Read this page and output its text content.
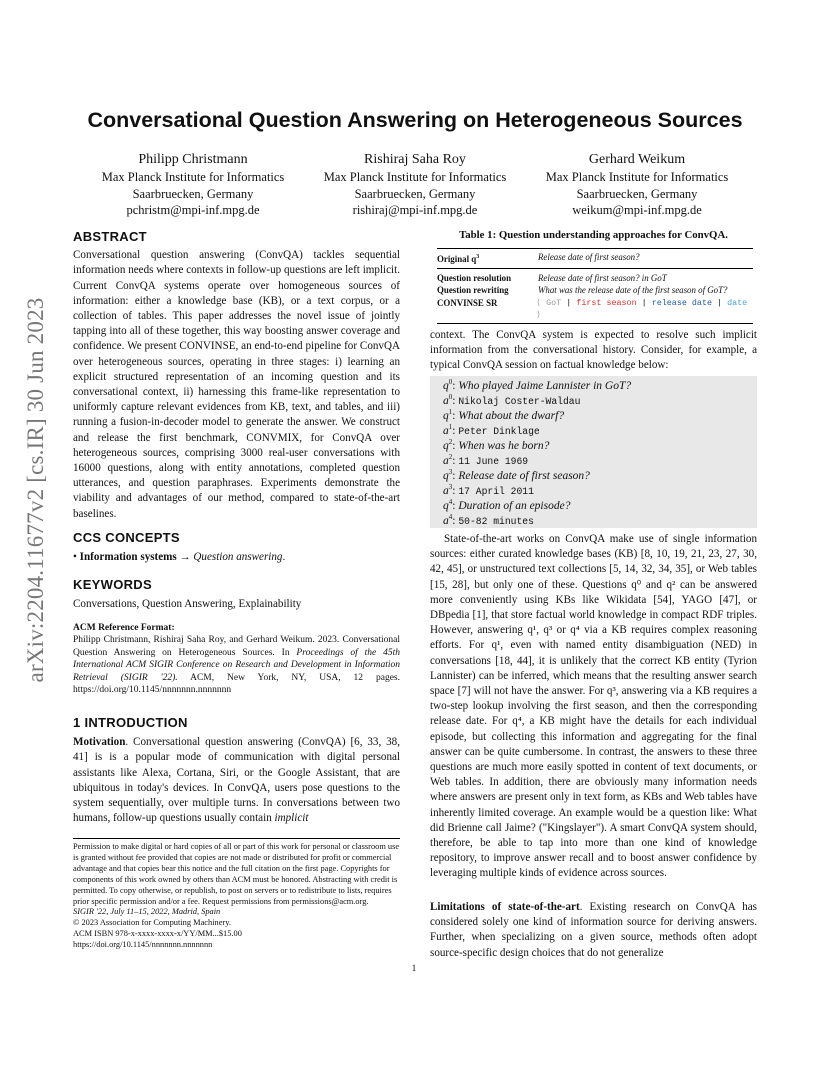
arXiv:2204.11677v2 [cs.IR] 30 Jun 2023
Conversational Question Answering on Heterogeneous Sources
Philipp Christmann
Max Planck Institute for Informatics
Saarbruecken, Germany
pchristm@mpi-inf.mpg.de
Rishiraj Saha Roy
Max Planck Institute for Informatics
Saarbruecken, Germany
rishiraj@mpi-inf.mpg.de
Gerhard Weikum
Max Planck Institute for Informatics
Saarbruecken, Germany
weikum@mpi-inf.mpg.de
ABSTRACT

Conversational question answering (ConvQA) tackles sequential information needs where contexts in follow-up questions are left implicit. Current ConvQA systems operate over homogeneous sources of information: either a knowledge base (KB), or a text corpus, or a collection of tables. This paper addresses the novel issue of jointly tapping into all of these together, this way boosting answer coverage and confidence. We present CONVINSE, an end-to-end pipeline for ConvQA over heterogeneous sources, operating in three stages: i) learning an explicit structured representation of an incoming question and its conversational context, ii) harnessing this frame-like representation to uniformly capture relevant evidences from KB, text, and tables, and iii) running a fusion-in-decoder model to generate the answer. We construct and release the first benchmark, CONVMIX, for ConvQA over heterogeneous sources, comprising 3000 real-user conversations with 16000 questions, along with entity annotations, completed question utterances, and question paraphrases. Experiments demonstrate the viability and advantages of our method, compared to state-of-the-art baselines.

CCS CONCEPTS

• Information systems → Question answering.

KEYWORDS

Conversations, Question Answering, Explainability

ACM Reference Format:

Philipp Christmann, Rishiraj Saha Roy, and Gerhard Weikum. 2023. Conversational Question Answering on Heterogeneous Sources. In Proceedings of the 45th International ACM SIGIR Conference on Research and Development in Information Retrieval (SIGIR '22). ACM, New York, NY, USA, 12 pages. https://doi.org/10.1145/nnnnnnn.nnnnnnn

1 INTRODUCTION

Motivation. Conversational question answering (ConvQA) [6, 33, 38, 41] is is a popular mode of communication with digital personal assistants like Alexa, Cortana, Siri, or the Google Assistant, that are ubiquitous in today's devices. In ConvQA, users pose questions to the system sequentially, over multiple turns. In conversations between two humans, follow-up questions usually contain implicit

Permission to make digital or hard copies of all or part of this work for personal or classroom use is granted without fee provided that copies are not made or distributed for profit or commercial advantage and that copies bear this notice and the full citation on the first page. Copyrights for components of this work owned by others than ACM must be honored. Abstracting with credit is permitted. To copy otherwise, or republish, to post on servers or to redistribute to lists, requires prior specific permission and/or a fee. Request permissions from permissions@acm.org.

SIGIR '22, July 11–15, 2022, Madrid, Spain
© 2023 Association for Computing Machinery.
ACM ISBN 978-x-xxxx-xxxx-x/YY/MM...$15.00
https://doi.org/10.1145/nnnnnnn.nnnnnnn
Table 1: Question understanding approaches for ConvQA.
Original $q^3$	Release date of first season?
Question resolution	Release date of first season? in GoT
Question rewriting	What was the release date of the first season of GoT?
CONVINSE SR	⟨ GoT | first season | release date | date ⟩
context. The ConvQA system is expected to resolve such implicit information from the conversational history. Consider, for example, a typical ConvQA session on factual knowledge below:
$q^0$: Who played Jaime Lannister in GoT?
$a^0$: Nikolaj Coster-Waldau
$q^1$: What about the dwarf?
$a^1$: Peter Dinklage
$q^2$: When was he born?
$a^2$: 11 June 1969
$q^3$: Release date of first season?
$a^3$: 17 April 2011
$q^4$: Duration of an episode?
$a^4$: 50-82 minutes
State-of-the-art works on ConvQA make use of single information sources: either curated knowledge bases (KB) [8, 10, 19, 21, 23, 27, 30, 42, 45], or unstructured text collections [5, 14, 32, 34, 35], or Web tables [15, 28], but only one of these. Questions q⁰ and q² can be answered more conveniently using KBs like Wikidata [54], YAGO [47], or DBpedia [1], that store factual world knowledge in compact RDF triples. However, answering q¹, q³ or q⁴ via a KB requires complex reasoning efforts. For q¹, even with named entity disambiguation (NED) in conversations [18, 44], it is unlikely that the correct KB entity (Tyrion Lannister) can be inferred, which means that the resulting answer search space [7] will not have the answer. For q³, answering via a KB requires a two-step lookup involving the first season, and then the corresponding release date. For q⁴, a KB might have the details for each individual episode, but collecting this information and aggregating for the final answer can be quite cumbersome. In contrast, the answers to these three questions are much more easily spotted in content of text documents, or Web tables. In addition, there are obviously many information needs where answers are present only in text form, as KBs and Web tables have inherently limited coverage. An example would be a question like: What did Brienne call Jaime? ("Kingslayer"). A smart ConvQA system should, therefore, be able to tap into more than one kind of knowledge repository, to improve answer recall and to boost answer confidence by leveraging multiple kinds of evidence across sources.
Limitations of state-of-the-art. Existing research on ConvQA has considered solely one kind of information source for deriving answers. Further, when specializing on a given source, methods often adopt source-specific design choices that do not generalize
1
